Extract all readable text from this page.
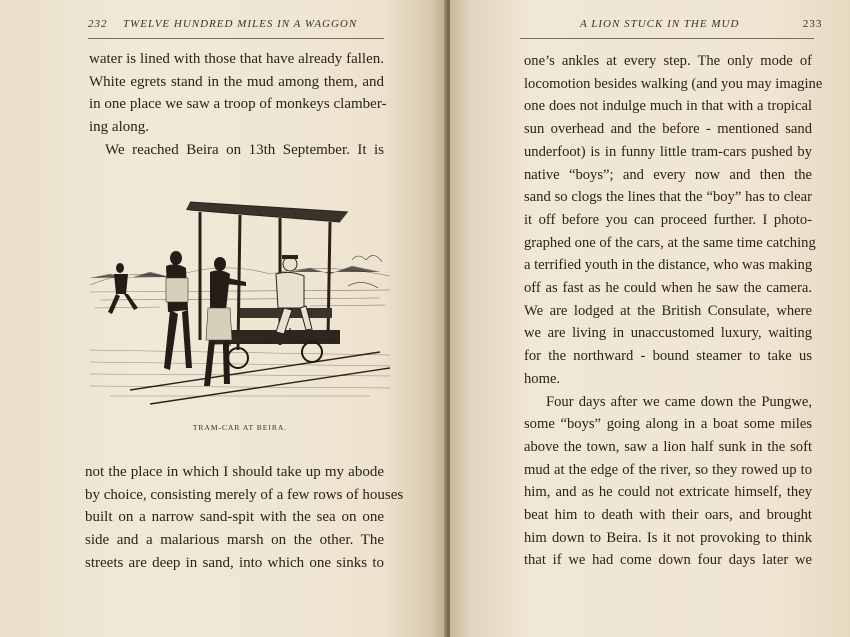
232 TWELVE HUNDRED MILES IN A WAGGON
water is lined with those that have already fallen.
White egrets stand in the mud among them, and
in one place we saw a troop of monkeys clamber-
ing along.
We reached Beira on 13th September. It is
TRAM-CAR AT BEIRA.
not the place in which I should take up my abode
by choice, consisting merely of a few rows of houses
built on a narrow sand-spit with the sea on one
side and a malarious marsh on the other. The
streets are deep in sand, into which one sinks to
A LION STUCK IN THE MUD	233
one’s ankles at every step. The only mode of
locomotion besides walking (and you may imagine
one does not indulge much in that with a tropical
sun overhead and the before - mentioned sand
underfoot) is in funny little tram-cars pushed by
native “boys”; and every now and then the
sand so clogs the lines that the “boy” has to clear
it off before you can proceed further. I photo-
graphed one of the cars, at the same time catching
a terrified youth in the distance, who was making
off as fast as he could when he saw the camera.
We are lodged at the British Consulate, where
we are living in unaccustomed luxury, waiting
for the northward - bound steamer to take us
home.
Four days after we came down the Pungwe,
some “boys” going along in a boat some miles
above the town, saw a lion half sunk in the soft
mud at the edge of the river, so they rowed up to
him, and as he could not extricate himself, they
beat him to death with their oars, and brought
him down to Beira. Is it not provoking to think
that if we had come down four days later we
